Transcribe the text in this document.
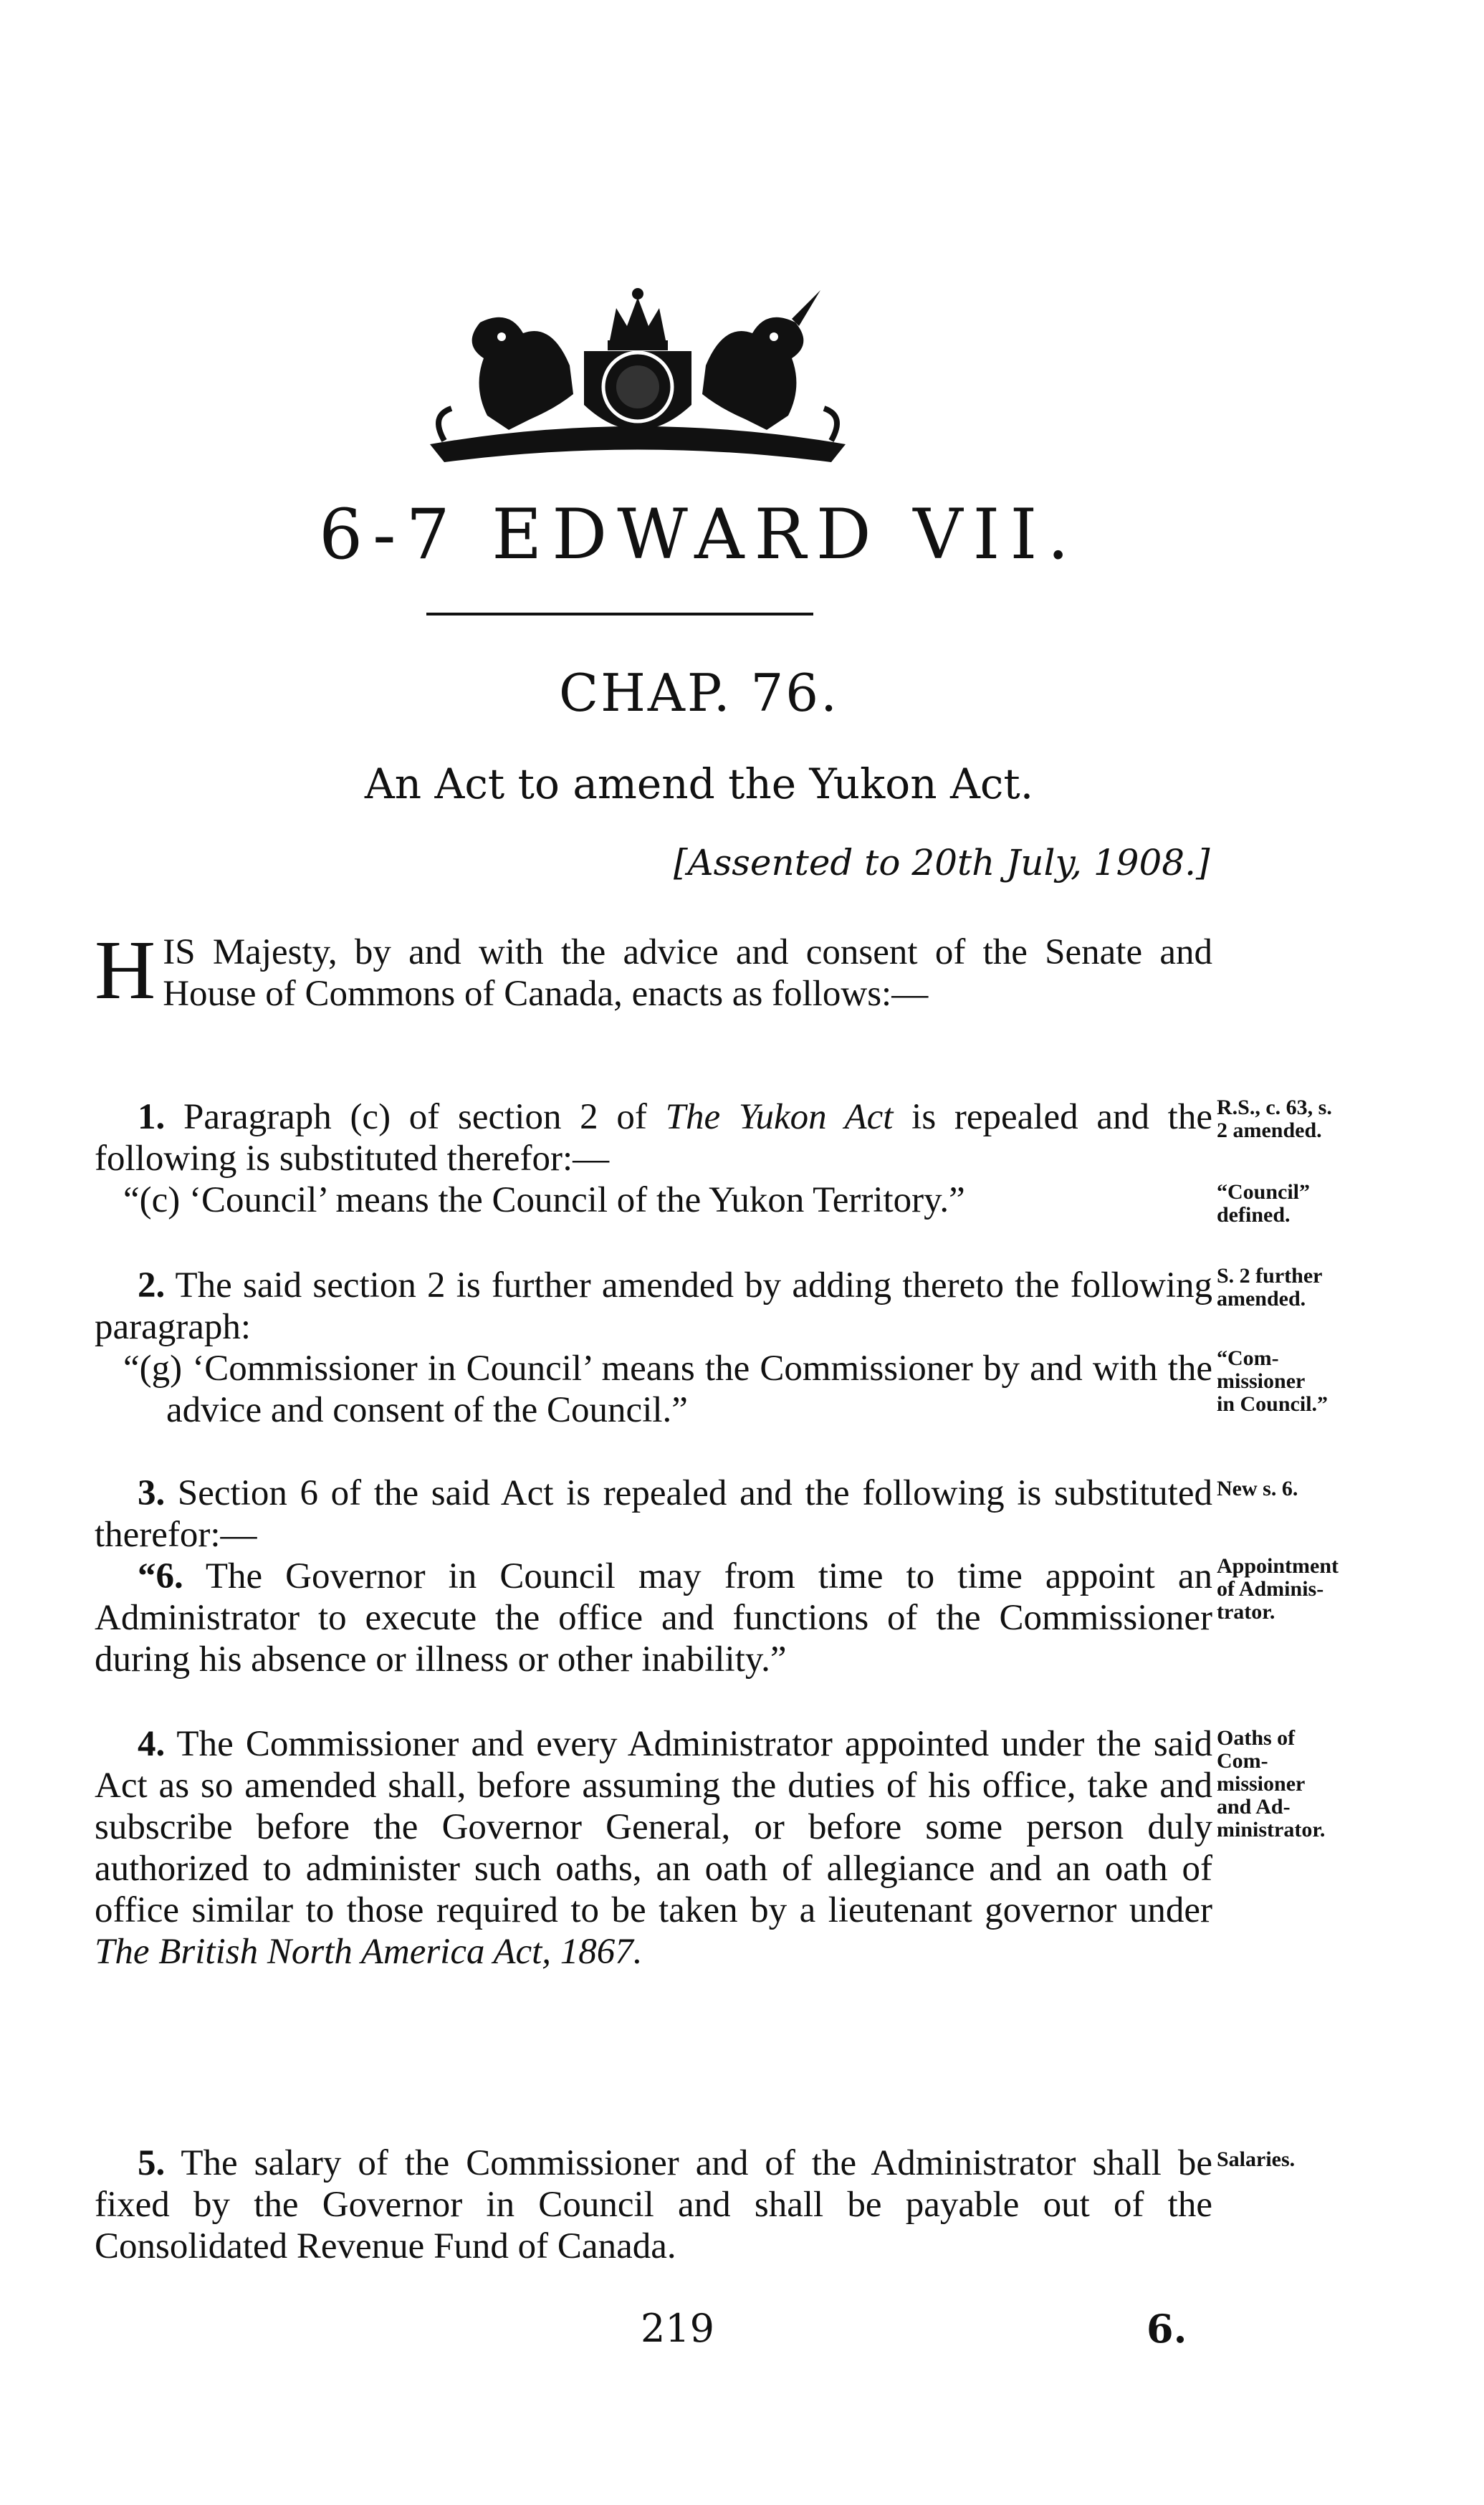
6-7 EDWARD VII.
CHAP. 76.
An Act to amend the Yukon Act.
[Assented to 20th July, 1908.]

HIS Majesty, by and with the advice and consent of the Senate and House of Commons of Canada, enacts as follows:—

1. Paragraph (c) of section 2 of The Yukon Act is repealed and the following is substituted therefor:—

“(c) ‘Council’ means the Council of the Yukon Territory.”

2. The said section 2 is further amended by adding thereto the following paragraph:

“(g) ‘Commissioner in Council’ means the Commissioner by and with the advice and consent of the Council.”

3. Section 6 of the said Act is repealed and the following is substituted therefor:—

“6. The Governor in Council may from time to time appoint an Administrator to execute the office and functions of the Commissioner during his absence or illness or other inability.”

4. The Commissioner and every Administrator appointed under the said Act as so amended shall, before assuming the duties of his office, take and subscribe before the Governor General, or before some person duly authorized to administer such oaths, an oath of allegiance and an oath of office similar to those required to be taken by a lieutenant governor under The British North America Act, 1867.

5. The salary of the Commissioner and of the Administrator shall be fixed by the Governor in Council and shall be payable out of the Consolidated Revenue Fund of Canada.

R.S., c. 63, s.
2 amended.
“Council”
defined.
S. 2 further
amended.
“Com-
missioner
in Council.”
New s. 6.
Appointment
of Adminis-
trator.
Oaths of
Com-
missioner
and Ad-
ministrator.
Salaries.
219	6.
